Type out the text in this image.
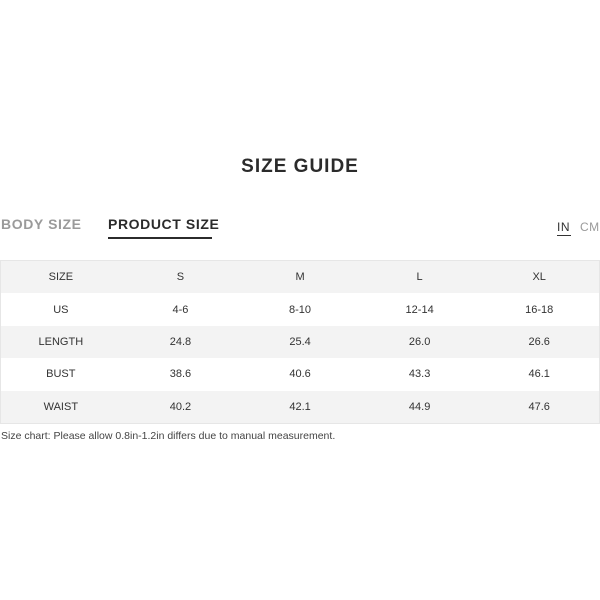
SIZE GUIDE
BODY SIZE PRODUCT SIZE	IN CM
SIZE	S	M	L	XL
US	4-6	8-10	12-14	16-18
LENGTH	24.8	25.4	26.0	26.6
BUST	38.6	40.6	43.3	46.1
WAIST	40.2	42.1	44.9	47.6
Size chart: Please allow 0.8in-1.2in differs due to manual measurement.
